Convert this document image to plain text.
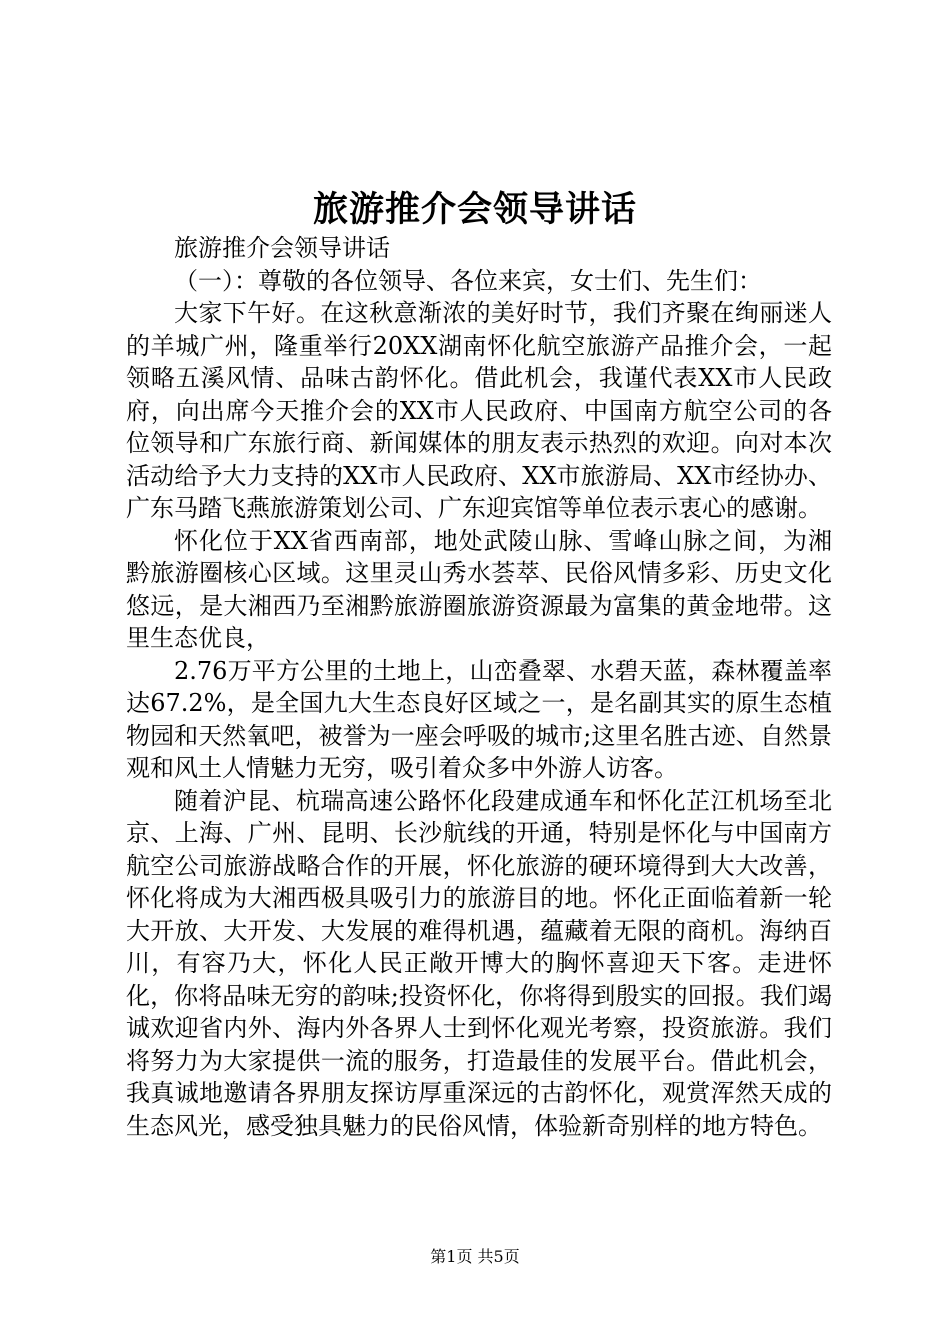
旅游推介会领导讲话

旅游推介会领导讲话

（一）：尊敬的各位领导、各位来宾，女士们、先生们：

大家下午好。在这秋意渐浓的美好时节，我们齐聚在绚丽迷人的羊城广州，隆重举行20XX湖南怀化航空旅游产品推介会，一起领略五溪风情、品味古韵怀化。借此机会，我谨代表XX市人民政府，向出席今天推介会的XX市人民政府、中国南方航空公司的各位领导和广东旅行商、新闻媒体的朋友表示热烈的欢迎。向对本次活动给予大力支持的XX市人民政府、XX市旅游局、XX市经协办、广东马踏飞燕旅游策划公司、广东迎宾馆等单位表示衷心的感谢。

怀化位于XX省西南部，地处武陵山脉、雪峰山脉之间，为湘黔旅游圈核心区域。这里灵山秀水荟萃、民俗风情多彩、历史文化悠远，是大湘西乃至湘黔旅游圈旅游资源最为富集的黄金地带。这里生态优良，

2.76万平方公里的土地上，山峦叠翠、水碧天蓝，森林覆盖率达67.2%，是全国九大生态良好区域之一，是名副其实的原生态植物园和天然氧吧，被誉为一座会呼吸的城市;这里名胜古迹、自然景观和风土人情魅力无穷，吸引着众多中外游人访客。

随着沪昆、杭瑞高速公路怀化段建成通车和怀化芷江机场至北京、上海、广州、昆明、长沙航线的开通，特别是怀化与中国南方航空公司旅游战略合作的开展，怀化旅游的硬环境得到大大改善，怀化将成为大湘西极具吸引力的旅游目的地。怀化正面临着新一轮大开放、大开发、大发展的难得机遇，蕴藏着无限的商机。海纳百川，有容乃大，怀化人民正敞开博大的胸怀喜迎天下客。走进怀化，你将品味无穷的韵味;投资怀化，你将得到殷实的回报。我们竭诚欢迎省内外、海内外各界人士到怀化观光考察，投资旅游。我们将努力为大家提供一流的服务，打造最佳的发展平台。借此机会，我真诚地邀请各界朋友探访厚重深远的古韵怀化，观赏浑然天成的生态风光，感受独具魅力的民俗风情，体验新奇别样的地方特色。

第1页 共5页
